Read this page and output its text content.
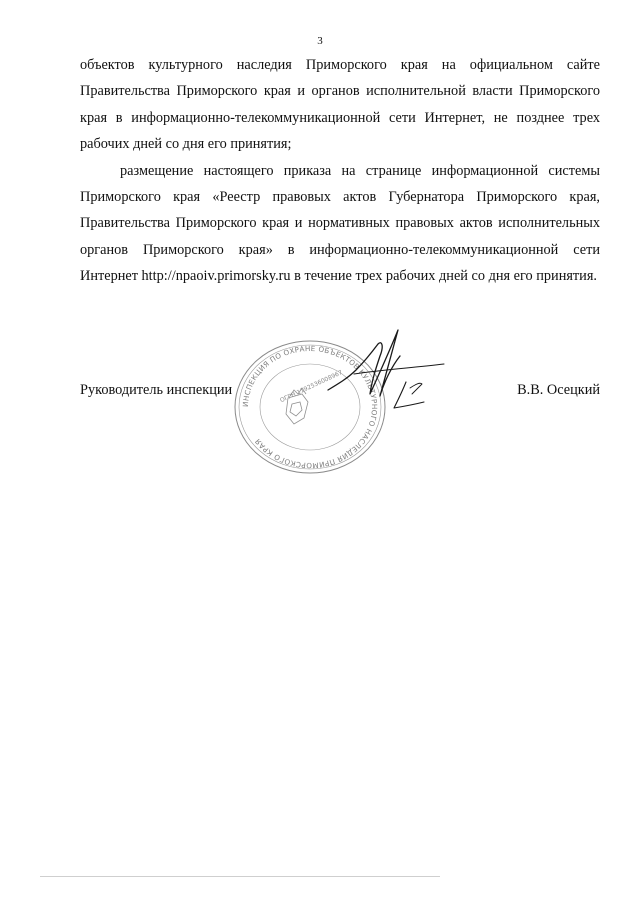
3

объектов культурного наследия Приморского края на официальном сайте Правительства Приморского края и органов исполнительной власти Приморского края в информационно-телекоммуникационной сети Интернет, не позднее трех рабочих дней со дня его принятия;

размещение настоящего приказа на странице информационной системы Приморского края «Реестр правовых актов Губернатора Приморского края, Правительства Приморского края и нормативных правовых актов исполнительных органов Приморского края» в информационно-телекоммуникационной сети Интернет http://npaoiv.primorsky.ru в течение трех рабочих дней со дня его принятия.

Руководитель инспекции
ИНСПЕКЦИЯ ПО ОХРАНЕ ОБЪЕКТОВ КУЛЬТУРНОГО НАСЛЕДИЯ ПРИМОРСКОГО КРАЯ
ОГРН 1192536008967	В.В. Осецкий
